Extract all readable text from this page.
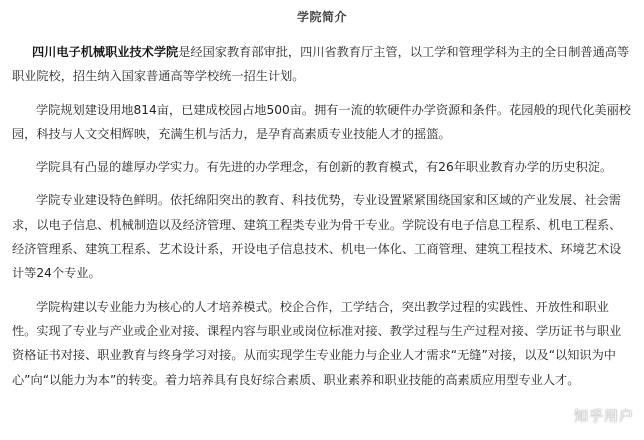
学院简介

四川电子机械职业技术学院是经国家教育部审批，四川省教育厅主管，以工学和管理学科为主的全日制普通高等职业院校，招生纳入国家普通高等学校统一招生计划。

学院规划建设用地814亩，已建成校园占地500亩。拥有一流的软硬件办学资源和条件。花园般的现代化美丽校园，科技与人文交相辉映，充满生机与活力，是孕育高素质专业技能人才的摇篮。

学院具有凸显的雄厚办学实力。有先进的办学理念，有创新的教育模式，有26年职业教育办学的历史积淀。

学院专业建设特色鲜明。依托绵阳突出的教育、科技优势，专业设置紧紧围绕国家和区域的产业发展、社会需求，以电子信息、机械制造以及经济管理、建筑工程类专业为骨干专业。学院设有电子信息工程系、机电工程系、经济管理系、建筑工程系、艺术设计系，开设电子信息技术、机电一体化、工商管理、建筑工程技术、环境艺术设计等24个专业。

学院构建以专业能力为核心的人才培养模式。校企合作，工学结合，突出教学过程的实践性、开放性和职业性。实现了专业与产业或企业对接、课程内容与职业或岗位标准对接、教学过程与生产过程对接、学历证书与职业资格证书对接、职业教育与终身学习对接。从而实现学生专业能力与企业人才需求“无缝”对接，以及“以知识为中心”向“以能力为本”的转变。着力培养具有良好综合素质、职业素养和职业技能的高素质应用型专业人才。

知乎用户
